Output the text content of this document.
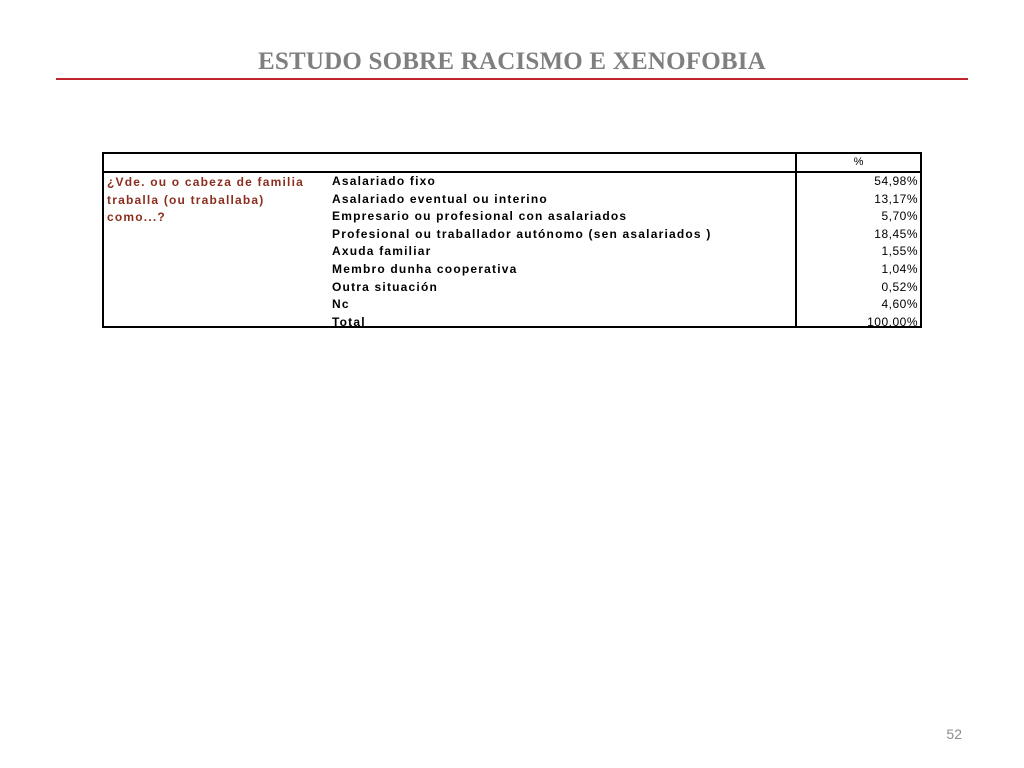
ESTUDO SOBRE RACISMO E XENOFOBIA
%
¿Vde. ou o cabeza de familia traballa (ou traballaba) como...?
Asalariado fixo	54,98%
Asalariado eventual ou interino	13,17%
Empresario ou profesional con asalariados	5,70%
Profesional ou traballador autónomo (sen asalariados )	18,45%
Axuda familiar	1,55%
Membro dunha cooperativa	1,04%
Outra situación	0,52%
Nc	4,60%
Total	100,00%
52
